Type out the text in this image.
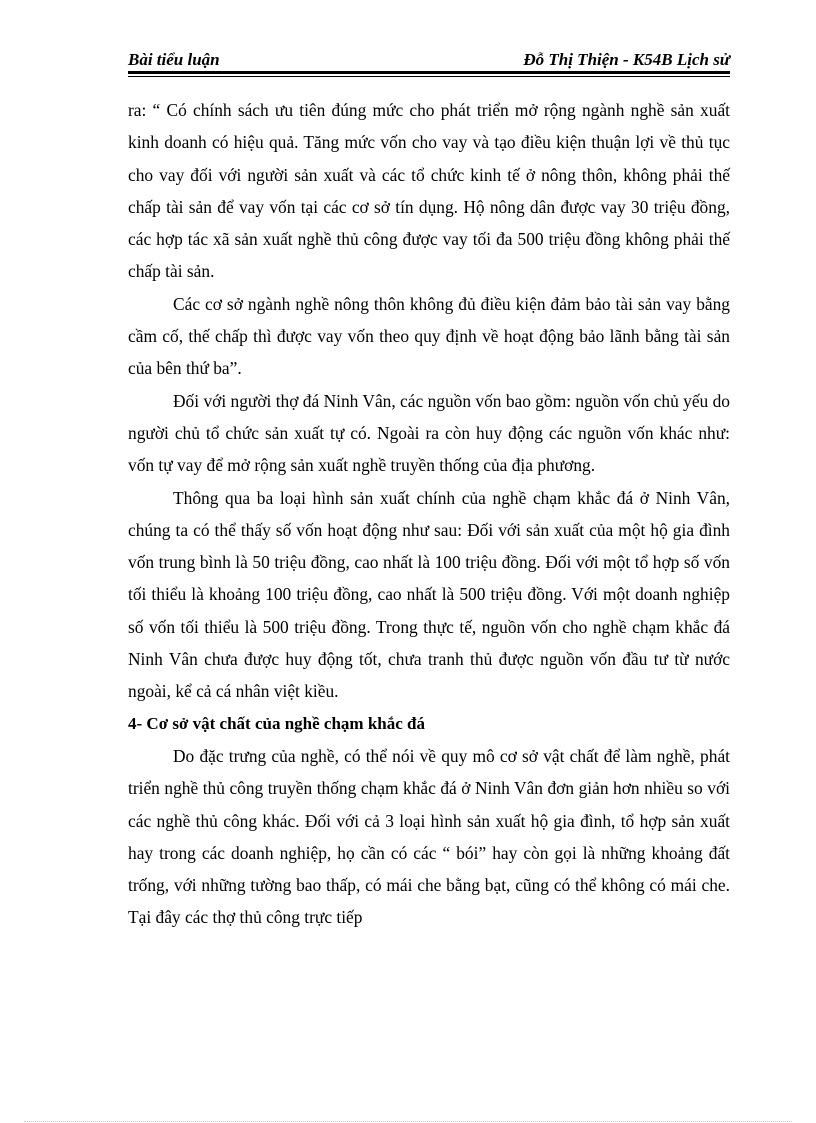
Bài tiểu luận	Đỗ Thị Thiện - K54B Lịch sử

ra: “ Có chính sách ưu tiên đúng mức cho phát triển mở rộng ngành nghề sản xuất kinh doanh có hiệu quả. Tăng mức vốn cho vay và tạo điều kiện thuận lợi về thủ tục cho vay đối với người sản xuất và các tổ chức kinh tế ở nông thôn, không phải thế chấp tài sản để vay vốn tại các cơ sở tín dụng. Hộ nông dân được vay 30 triệu đồng, các hợp tác xã sản xuất nghề thủ công được vay tối đa 500 triệu đồng không phải thế chấp tài sản.

Các cơ sở ngành nghề nông thôn không đủ điều kiện đảm bảo tài sản vay bằng cầm cố, thế chấp thì được vay vốn theo quy định về hoạt động bảo lãnh bằng tài sản của bên thứ ba”.

Đối với người thợ đá Ninh Vân, các nguồn vốn bao gồm: nguồn vốn chủ yếu do người chủ tổ chức sản xuất tự có. Ngoài ra còn huy động các nguồn vốn khác như: vốn tự vay để mở rộng sản xuất nghề truyền thống của địa phương.

Thông qua ba loại hình sản xuất chính của nghề chạm khắc đá ở Ninh Vân, chúng ta có thể thấy số vốn hoạt động như sau: Đối với sản xuất của một hộ gia đình vốn trung bình là 50 triệu đồng, cao nhất là 100 triệu đồng. Đối với một tổ hợp số vốn tối thiểu là khoảng 100 triệu đồng, cao nhất là 500 triệu đồng. Với một doanh nghiệp số vốn tối thiểu là 500 triệu đồng. Trong thực tế, nguồn vốn cho nghề chạm khắc đá Ninh Vân chưa được huy động tốt, chưa tranh thủ được nguồn vốn đầu tư từ nước ngoài, kể cả cá nhân việt kiều.

4- Cơ sở vật chất của nghề chạm khắc đá

Do đặc trưng của nghề, có thể nói về quy mô cơ sở vật chất để làm nghề, phát triển nghề thủ công truyền thống chạm khắc đá ở Ninh Vân đơn giản hơn nhiều so với các nghề thủ công khác. Đối với cả 3 loại hình sản xuất hộ gia đình, tổ hợp sản xuất hay trong các doanh nghiệp, họ cần có các “ bói” hay còn gọi là những khoảng đất trống, với những tường bao thấp, có mái che bằng bạt, cũng có thể không có mái che. Tại đây các thợ thủ công trực tiếp
